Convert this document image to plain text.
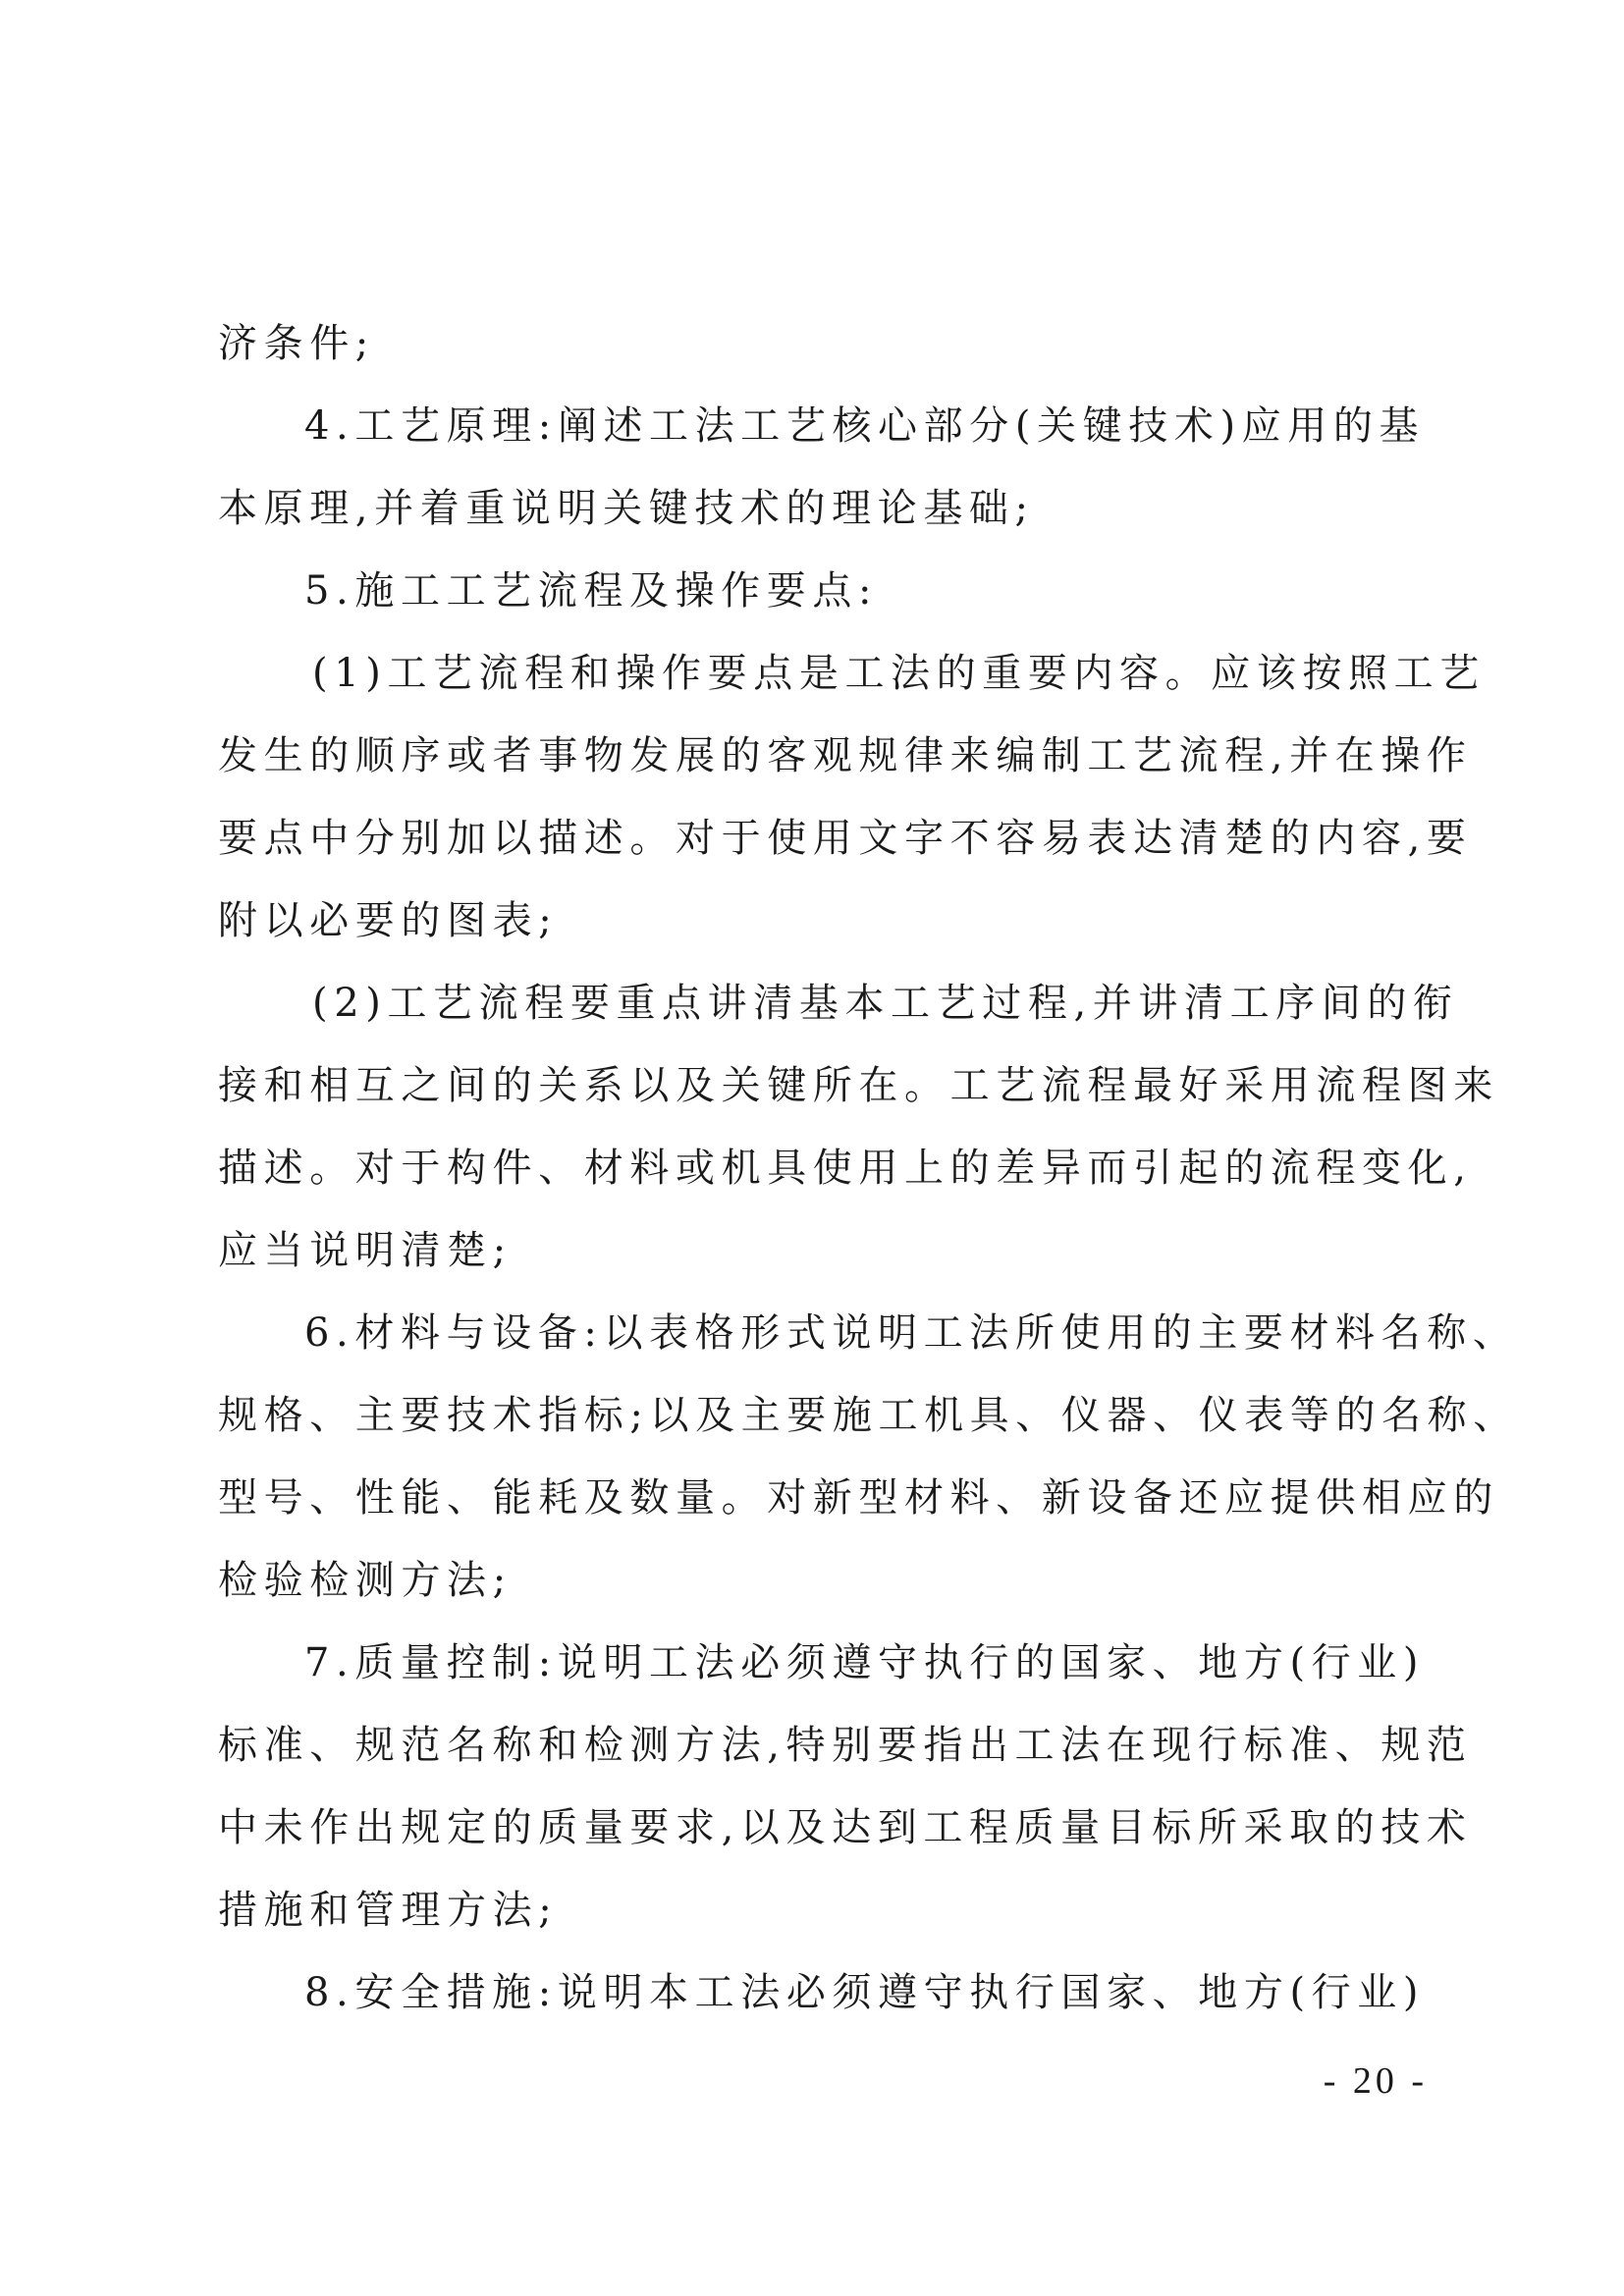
济条件;
4.工艺原理:阐述工法工艺核心部分(关键技术)应用的基
本原理,并着重说明关键技术的理论基础;
5.施工工艺流程及操作要点:
(1)工艺流程和操作要点是工法的重要内容。应该按照工艺
发生的顺序或者事物发展的客观规律来编制工艺流程,并在操作
要点中分别加以描述。对于使用文字不容易表达清楚的内容,要
附以必要的图表;
(2)工艺流程要重点讲清基本工艺过程,并讲清工序间的衔
接和相互之间的关系以及关键所在。工艺流程最好采用流程图来
描述。对于构件、材料或机具使用上的差异而引起的流程变化,
应当说明清楚;
6.材料与设备:以表格形式说明工法所使用的主要材料名称、
规格、主要技术指标;以及主要施工机具、仪器、仪表等的名称、
型号、性能、能耗及数量。对新型材料、新设备还应提供相应的
检验检测方法;
7.质量控制:说明工法必须遵守执行的国家、地方(行业)
标准、规范名称和检测方法,特别要指出工法在现行标准、规范
中未作出规定的质量要求,以及达到工程质量目标所采取的技术
措施和管理方法;
8.安全措施:说明本工法必须遵守执行国家、地方(行业)
- 20 -
